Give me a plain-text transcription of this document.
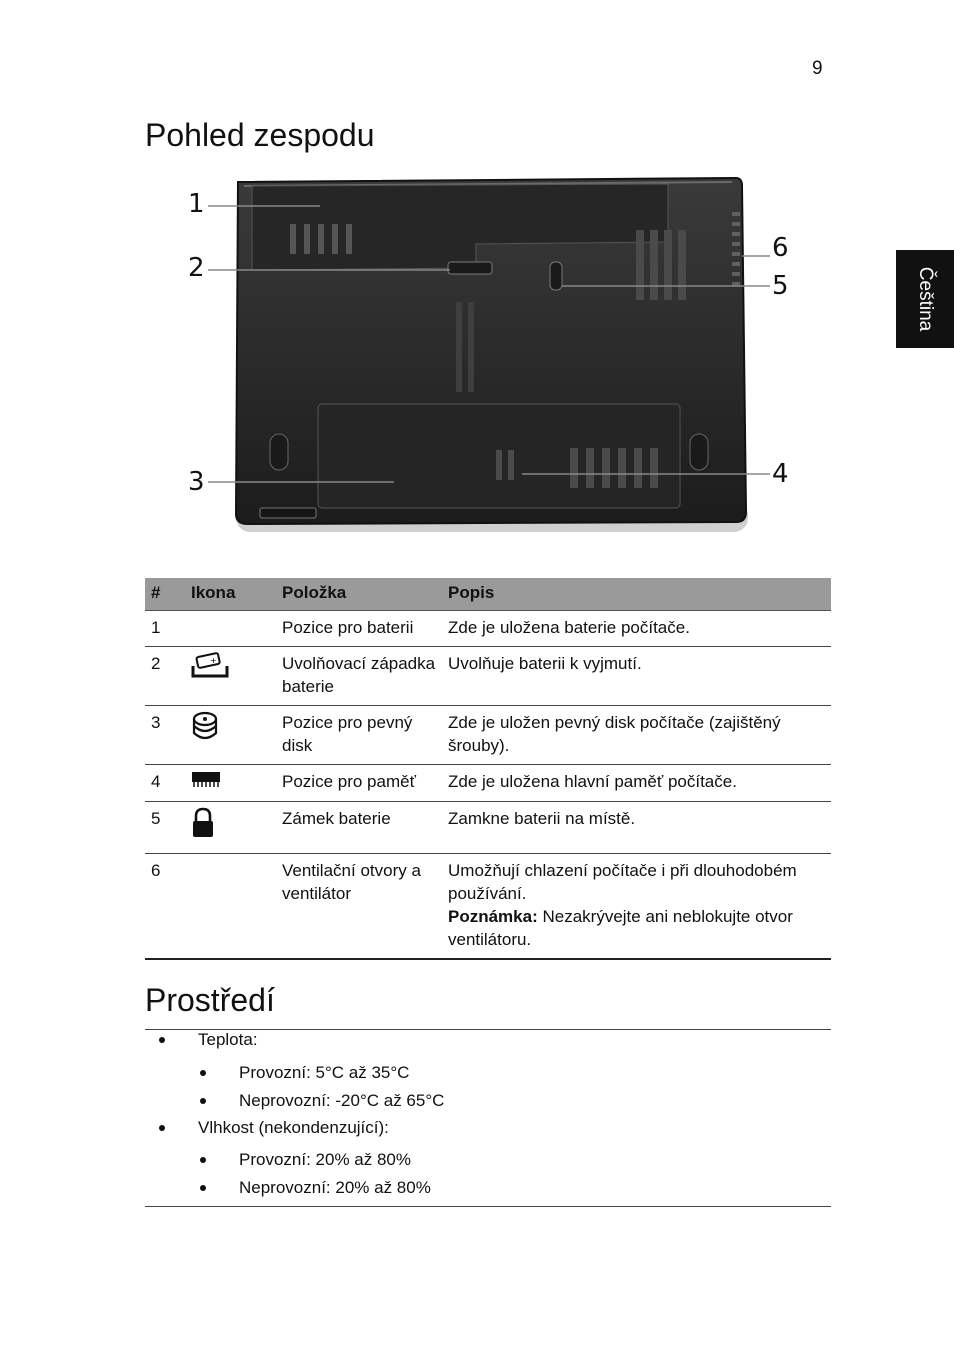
9
Čeština
Pohled zespodu
1
2
3	4
5
6
#	Ikona	Položka	Popis
1		Pozice pro baterii	Zde je uložena baterie počítače.
2	+	Uvolňovací západka baterie	Uvolňuje baterii k vyjmutí.
3		Pozice pro pevný disk	Zde je uložen pevný disk počítače (zajištěný šrouby).
4		Pozice pro paměť	Zde je uložena hlavní paměť počítače.
5		Zámek baterie	Zamkne baterii na místě.
6		Ventilační otvory a ventilátor	Umožňují chlazení počítače i při dlouhodobém používání.
Poznámka: Nezakrývejte ani neblokujte otvor ventilátoru.
Prostředí
Teplota:
Provozní: 5°C až 35°C
Neprovozní: -20°C až 65°C
Vlhkost (nekondenzující):
Provozní: 20% až 80%
Neprovozní: 20% až 80%
